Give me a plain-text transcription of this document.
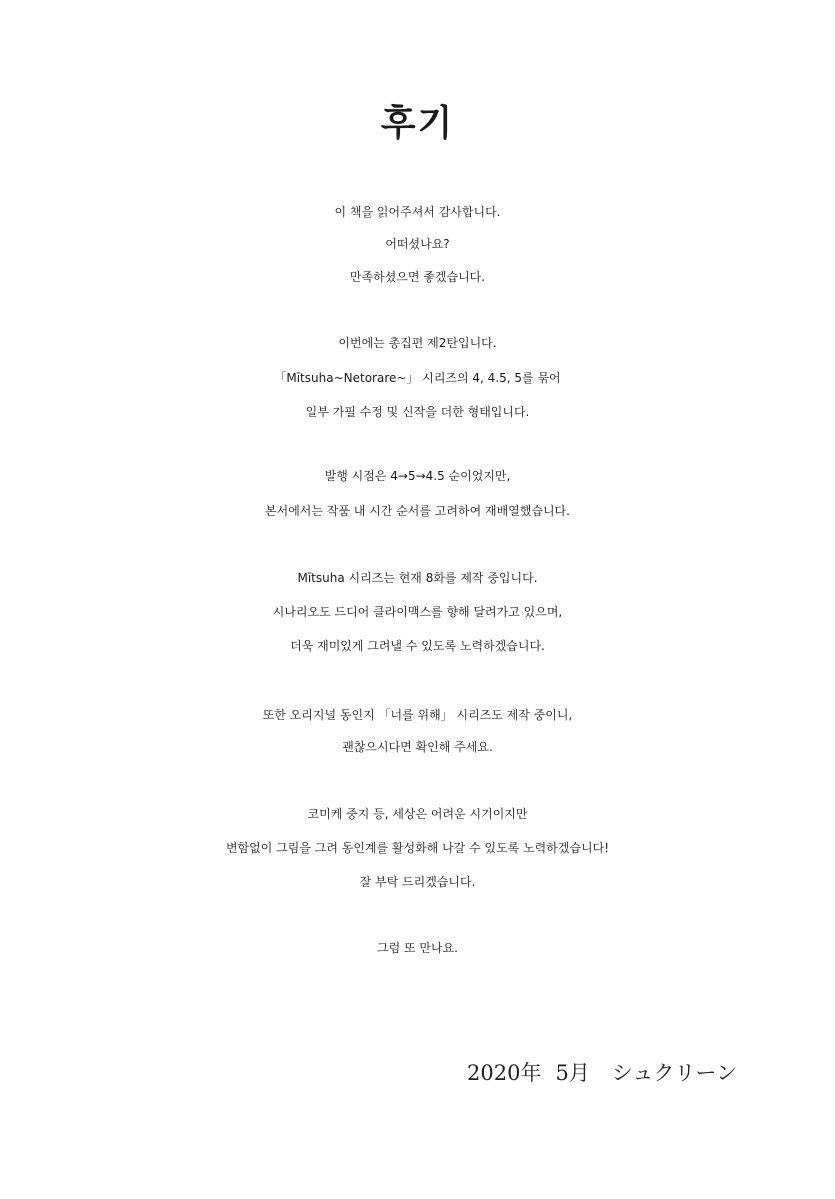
후기
이 책을 읽어주셔서 감사합니다.
어떠셨나요?
만족하셨으면 좋겠습니다.
이번에는 총집편 제2탄입니다.
「Mītsuha~Netorare~」 시리즈의 4, 4.5, 5를 묶어
일부 가필 수정 및 신작을 더한 형태입니다.
발행 시점은 4→5→4.5 순이었지만,
본서에서는 작품 내 시간 순서를 고려하여 재배열했습니다.
Mītsuha 시리즈는 현재 8화를 제작 중입니다.
시나리오도 드디어 클라이맥스를 향해 달려가고 있으며,
더욱 재미있게 그려낼 수 있도록 노력하겠습니다.
또한 오리지널 동인지 「너를 위해」 시리즈도 제작 중이니,
괜찮으시다면 확인해 주세요.
코미케 중지 등, 세상은 어려운 시기이지만
변함없이 그림을 그려 동인계를 활성화해 나갈 수 있도록 노력하겠습니다!
잘 부탁 드리겠습니다.
그럼 또 만나요.
2020年 5月 シュクリーン
